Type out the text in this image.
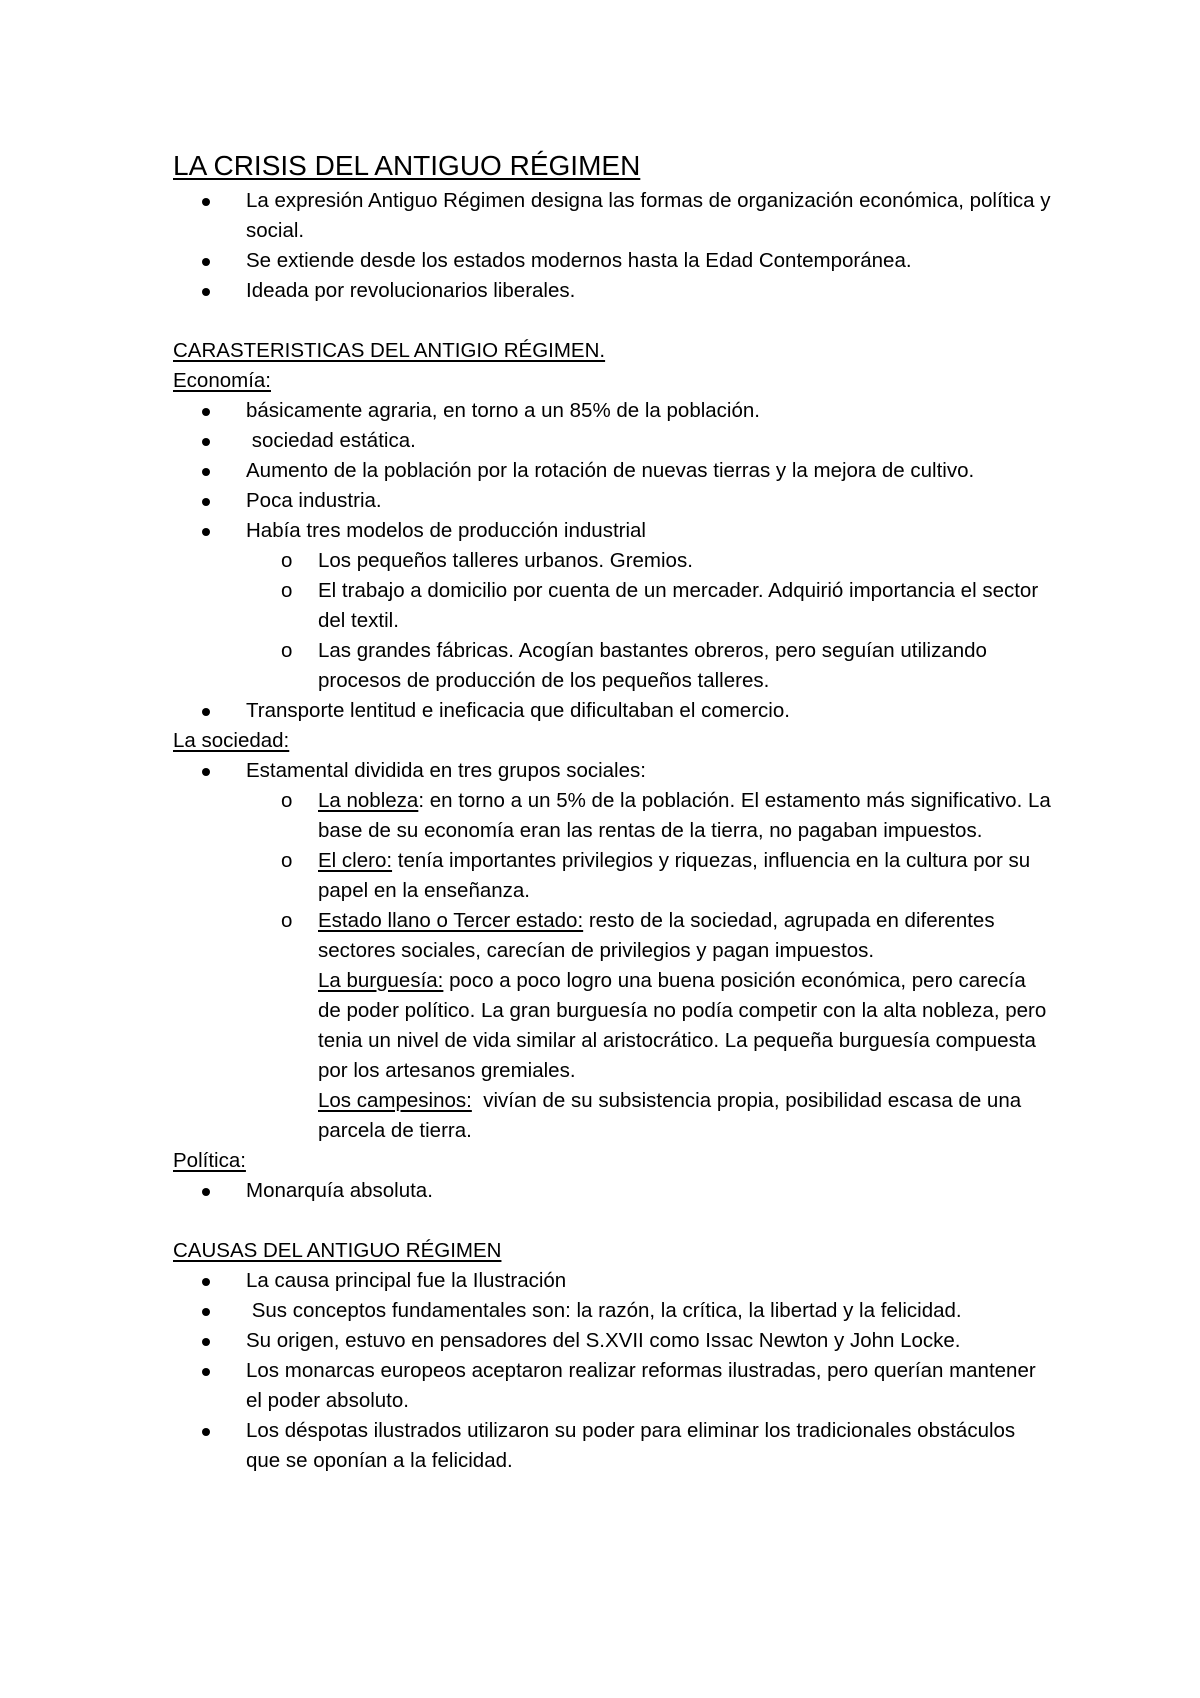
LA CRISIS DEL ANTIGUO RÉGIMEN
La expresión Antiguo Régimen designa las formas de organización económica, política y social.
Se extiende desde los estados modernos hasta la Edad Contemporánea.
Ideada por revolucionarios liberales.
CARASTERISTICAS DEL ANTIGIO RÉGIMEN.
Economía:
básicamente agraria, en torno a un 85% de la población.
sociedad estática.
Aumento de la población por la rotación de nuevas tierras y la mejora de cultivo.
Poca industria.
Había tres modelos de producción industrial
o Los pequeños talleres urbanos. Gremios.
o El trabajo a domicilio por cuenta de un mercader. Adquirió importancia el sector del textil.
o Las grandes fábricas. Acogían bastantes obreros, pero seguían utilizando procesos de producción de los pequeños talleres.
Transporte lentitud e ineficacia que dificultaban el comercio.
La sociedad:
Estamental dividida en tres grupos sociales:
o La nobleza: en torno a un 5% de la población. El estamento más significativo. La base de su economía eran las rentas de la tierra, no pagaban impuestos.
o El clero: tenía importantes privilegios y riquezas, influencia en la cultura por su papel en la enseñanza.
o Estado llano o Tercer estado: resto de la sociedad, agrupada en diferentes sectores sociales, carecían de privilegios y pagan impuestos.
La burguesía: poco a poco logro una buena posición económica, pero carecía de poder político. La gran burguesía no podía competir con la alta nobleza, pero tenia un nivel de vida similar al aristocrático. La pequeña burguesía compuesta por los artesanos gremiales.
Los campesinos:  vivían de su subsistencia propia, posibilidad escasa de una parcela de tierra.
Política:
Monarquía absoluta.
CAUSAS DEL ANTIGUO RÉGIMEN
La causa principal fue la Ilustración
Sus conceptos fundamentales son: la razón, la crítica, la libertad y la felicidad.
Su origen, estuvo en pensadores del S.XVII como Issac Newton y John Locke.
Los monarcas europeos aceptaron realizar reformas ilustradas, pero querían mantener el poder absoluto.
Los déspotas ilustrados utilizaron su poder para eliminar los tradicionales obstáculos que se oponían a la felicidad.
